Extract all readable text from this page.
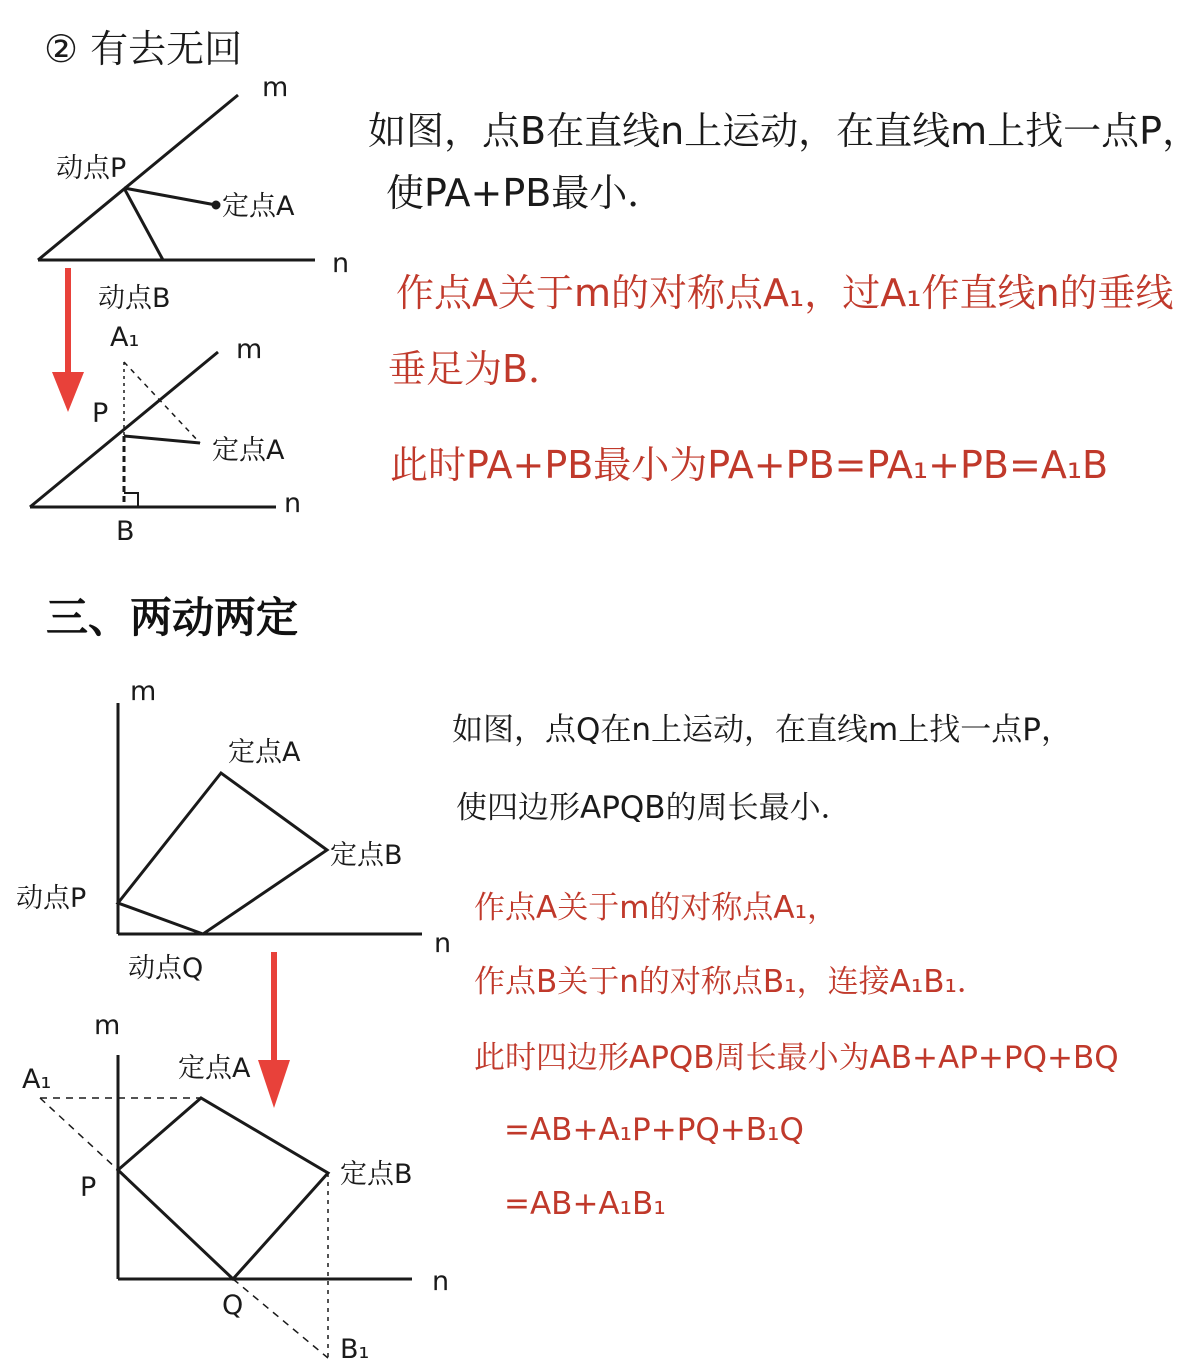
② 有去无回
m
动点P
定点A
n
动点B
A₁	m
P
定点A
n
B
如图，点B在直线n上运动，在直线m上找一点P，
使PA+PB最小．
作点A关于m的对称点A₁，过A₁作直线n的垂线
垂足为B．
此时PA+PB最小为PA+PB=PA₁+PB=A₁B
三、两动两定
m
定点A
定点B
动点P
n
动点Q
m
定点A
A₁
P	定点B
n
Q
B₁
如图，点Q在n上运动，在直线m上找一点P，
使四边形APQB的周长最小．
作点A关于m的对称点A₁，
作点B关于n的对称点B₁，连接A₁B₁．
此时四边形APQB周长最小为AB+AP+PQ+BQ
=AB+A₁P+PQ+B₁Q
=AB+A₁B₁
